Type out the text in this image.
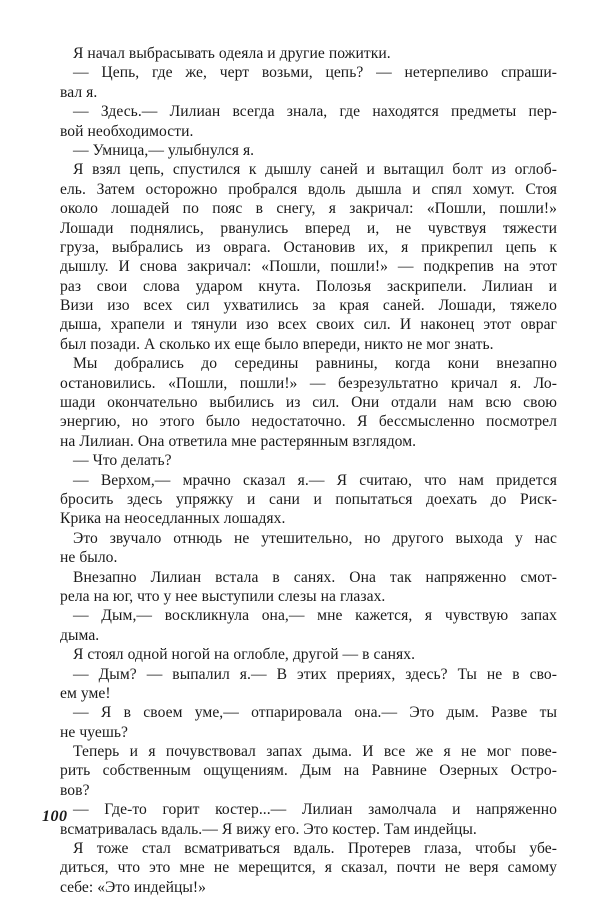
Я начал выбрасывать одеяла и другие пожитки.
— Цепь, где же, черт возьми, цепь? — нетерпеливо спраши-
вал я.
— Здесь.— Лилиан всегда знала, где находятся предметы пер-
вой необходимости.
— Умница,— улыбнулся я.
Я взял цепь, спустился к дышлу саней и вытащил болт из оглоб-
ель. Затем осторожно пробрался вдоль дышла и спял хомут. Стоя
около лошадей по пояс в снегу, я закричал: «Пошли, пошли!»
Лошади поднялись, рванулись вперед и, не чувствуя тяжести
груза, выбрались из оврага. Остановив их, я прикрепил цепь к
дышлу. И снова закричал: «Пошли, пошли!» — подкрепив на этот
раз свои слова ударом кнута. Полозья заскрипели. Лилиан и
Визи изо всех сил ухватились за края саней. Лошади, тяжело
дыша, храпели и тянули изо всех своих сил. И наконец этот овраг
был позади. А сколько их еще было впереди, никто не мог знать.
Мы добрались до середины равнины, когда кони внезапно
остановились. «Пошли, пошли!» — безрезультатно кричал я. Ло-
шади окончательно выбились из сил. Они отдали нам всю свою
энергию, но этого было недостаточно. Я бессмысленно посмотрел
на Лилиан. Она ответила мне растерянным взглядом.
— Что делать?
— Верхом,— мрачно сказал я.— Я считаю, что нам придется
бросить здесь упряжку и сани и попытаться доехать до Риск-
Крика на неоседланных лошадях.
Это звучало отнюдь не утешительно, но другого выхода у нас
не было.
Внезапно Лилиан встала в санях. Она так напряженно смот-
рела на юг, что у нее выступили слезы на глазах.
— Дым,— воскликнула она,— мне кажется, я чувствую запах
дыма.
Я стоял одной ногой на оглобле, другой — в санях.
— Дым? — выпалил я.— В этих прериях, здесь? Ты не в сво-
ем уме!
— Я в своем уме,— отпарировала она.— Это дым. Разве ты
не чуешь?
Теперь и я почувствовал запах дыма. И все же я не мог пове-
рить собственным ощущениям. Дым на Равнине Озерных Остро-
вов?
— Где-то горит костер...— Лилиан замолчала и напряженно
всматривалась вдаль.— Я вижу его. Это костер. Там индейцы.
Я тоже стал всматриваться вдаль. Протерев глаза, чтобы убе-
диться, что это мне не мерещится, я сказал, почти не веря самому
себе: «Это индейцы!»
100
